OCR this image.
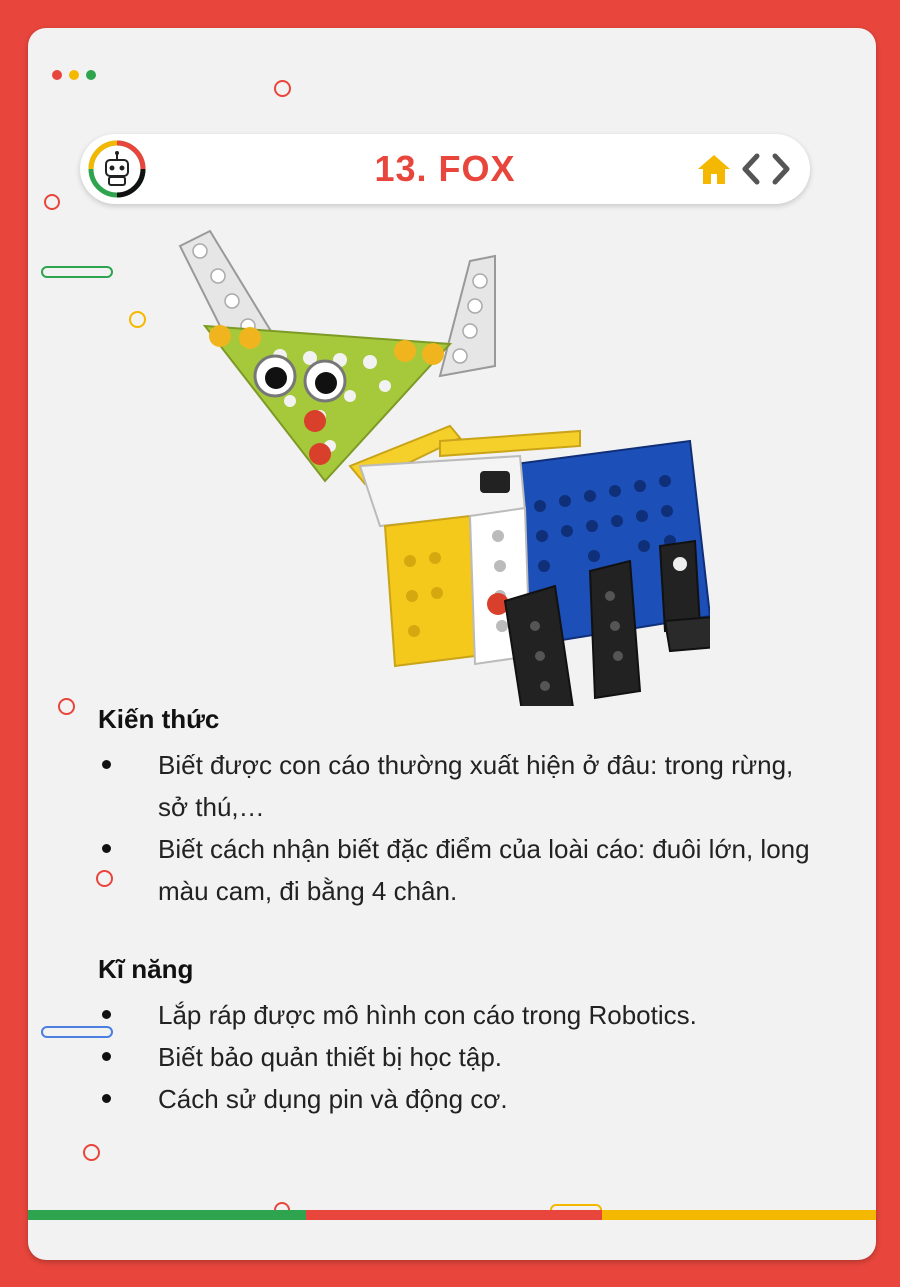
13. FOX
Kiến thức
Biết được con cáo thường xuất hiện ở đâu: trong rừng, sở thú,…
Biết cách nhận biết đặc điểm của loài cáo: đuôi lớn, long màu cam, đi bằng 4 chân.
Kĩ năng
Lắp ráp được mô hình con cáo trong Robotics.
Biết bảo quản thiết bị học tập.
Cách sử dụng pin và động cơ.
